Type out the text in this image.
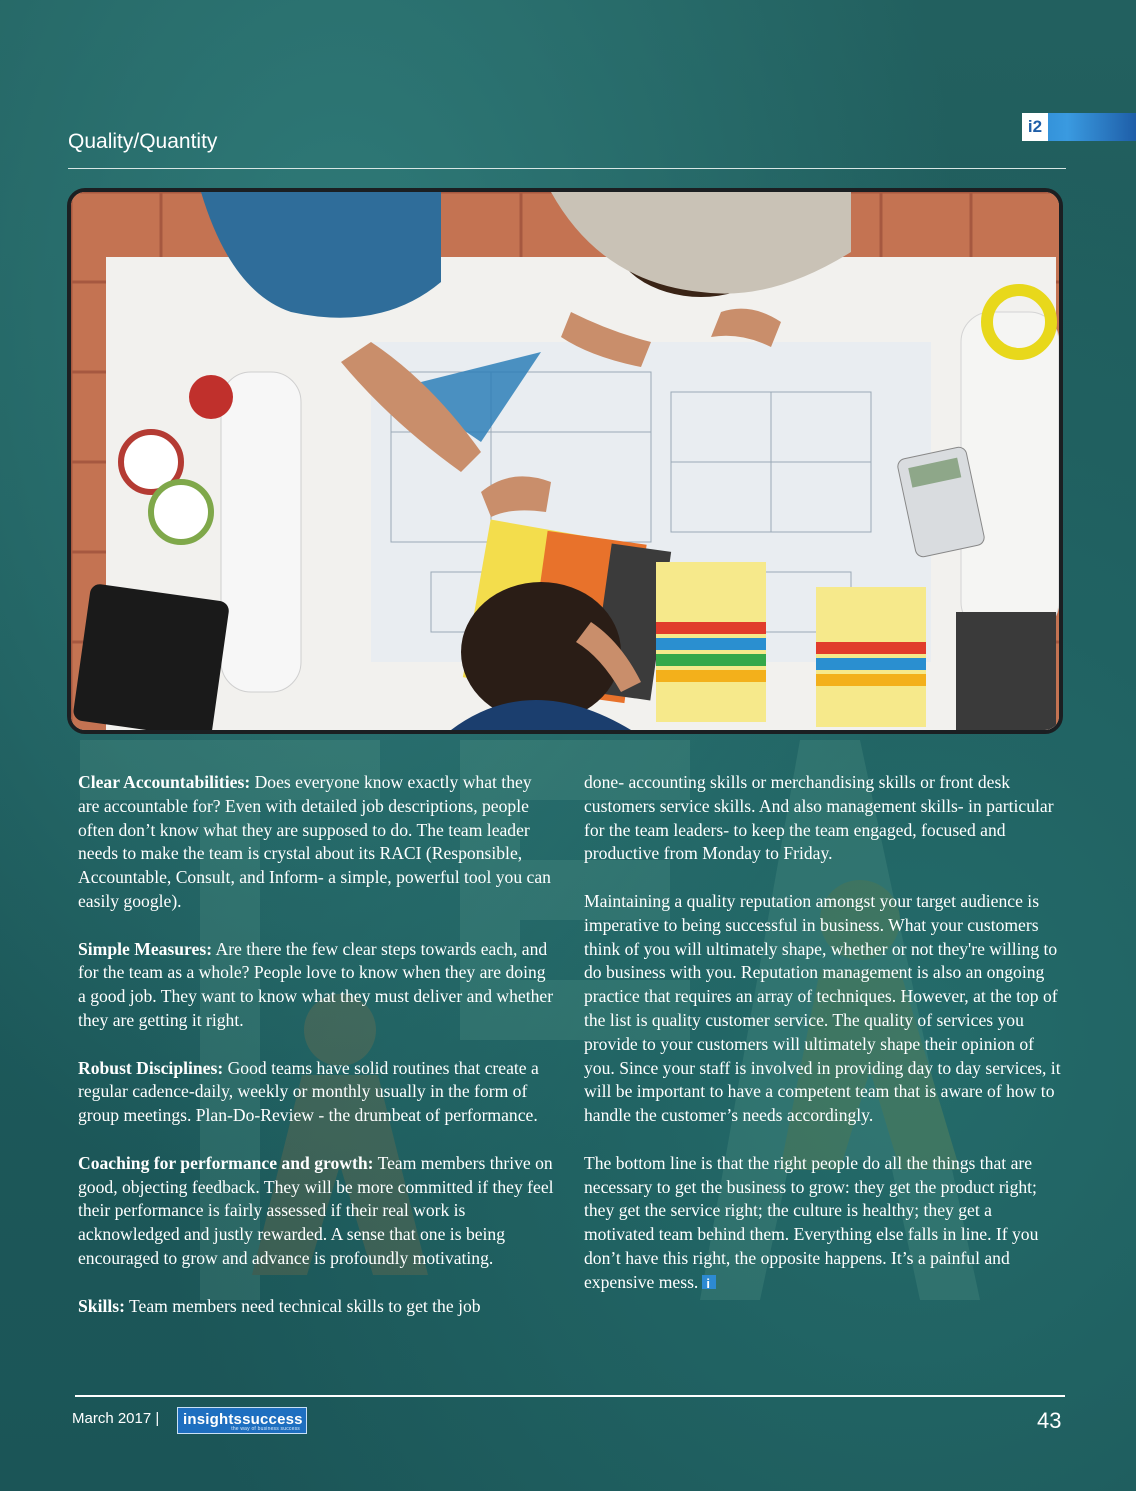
Quality/Quantity
i2

Clear Accountabilities: Does everyone know exactly what they are accountable for? Even with detailed job descriptions, people often don’t know what they are supposed to do. The team leader needs to make the team is crystal about its RACI (Responsible, Accountable, Consult, and Inform- a simple, powerful tool you can easily google).

Simple Measures: Are there the few clear steps towards each, and for the team as a whole? People love to know when they are doing a good job. They want to know what they must deliver and whether they are getting it right.

Robust Disciplines: Good teams have solid routines that create a regular cadence-daily, weekly or monthly usually in the form of group meetings. Plan-Do-Review - the drumbeat of performance.

Coaching for performance and growth: Team members thrive on good, objecting feedback. They will be more committed if they feel their performance is fairly assessed if their real work is acknowledged and justly rewarded. A sense that one is being encouraged to grow and advance is profoundly motivating.

Skills: Team members need technical skills to get the job

done- accounting skills or merchandising skills or front desk customers service skills. And also management skills- in particular for the team leaders- to keep the team engaged, focused and productive from Monday to Friday.

Maintaining a quality reputation amongst your target audience is imperative to being successful in business. What your customers think of you will ultimately shape, whether or not they're willing to do business with you. Reputation management is also an ongoing practice that requires an array of techniques. However, at the top of the list is quality customer service. The quality of services you provide to your customers will ultimately shape their opinion of you. Since your staff is involved in providing day to day services, it will be important to have a competent team that is aware of how to handle the customer’s needs accordingly.

The bottom line is that the right people do all the things that are necessary to get the business to grow: they get the product right; they get the service right; the culture is healthy; they get a motivated team behind them. Everything else falls in line. If you don’t have this right, the opposite happens. It’s a painful and expensive mess.i

March 2017 |	insightssuccess
the way of business success	43
